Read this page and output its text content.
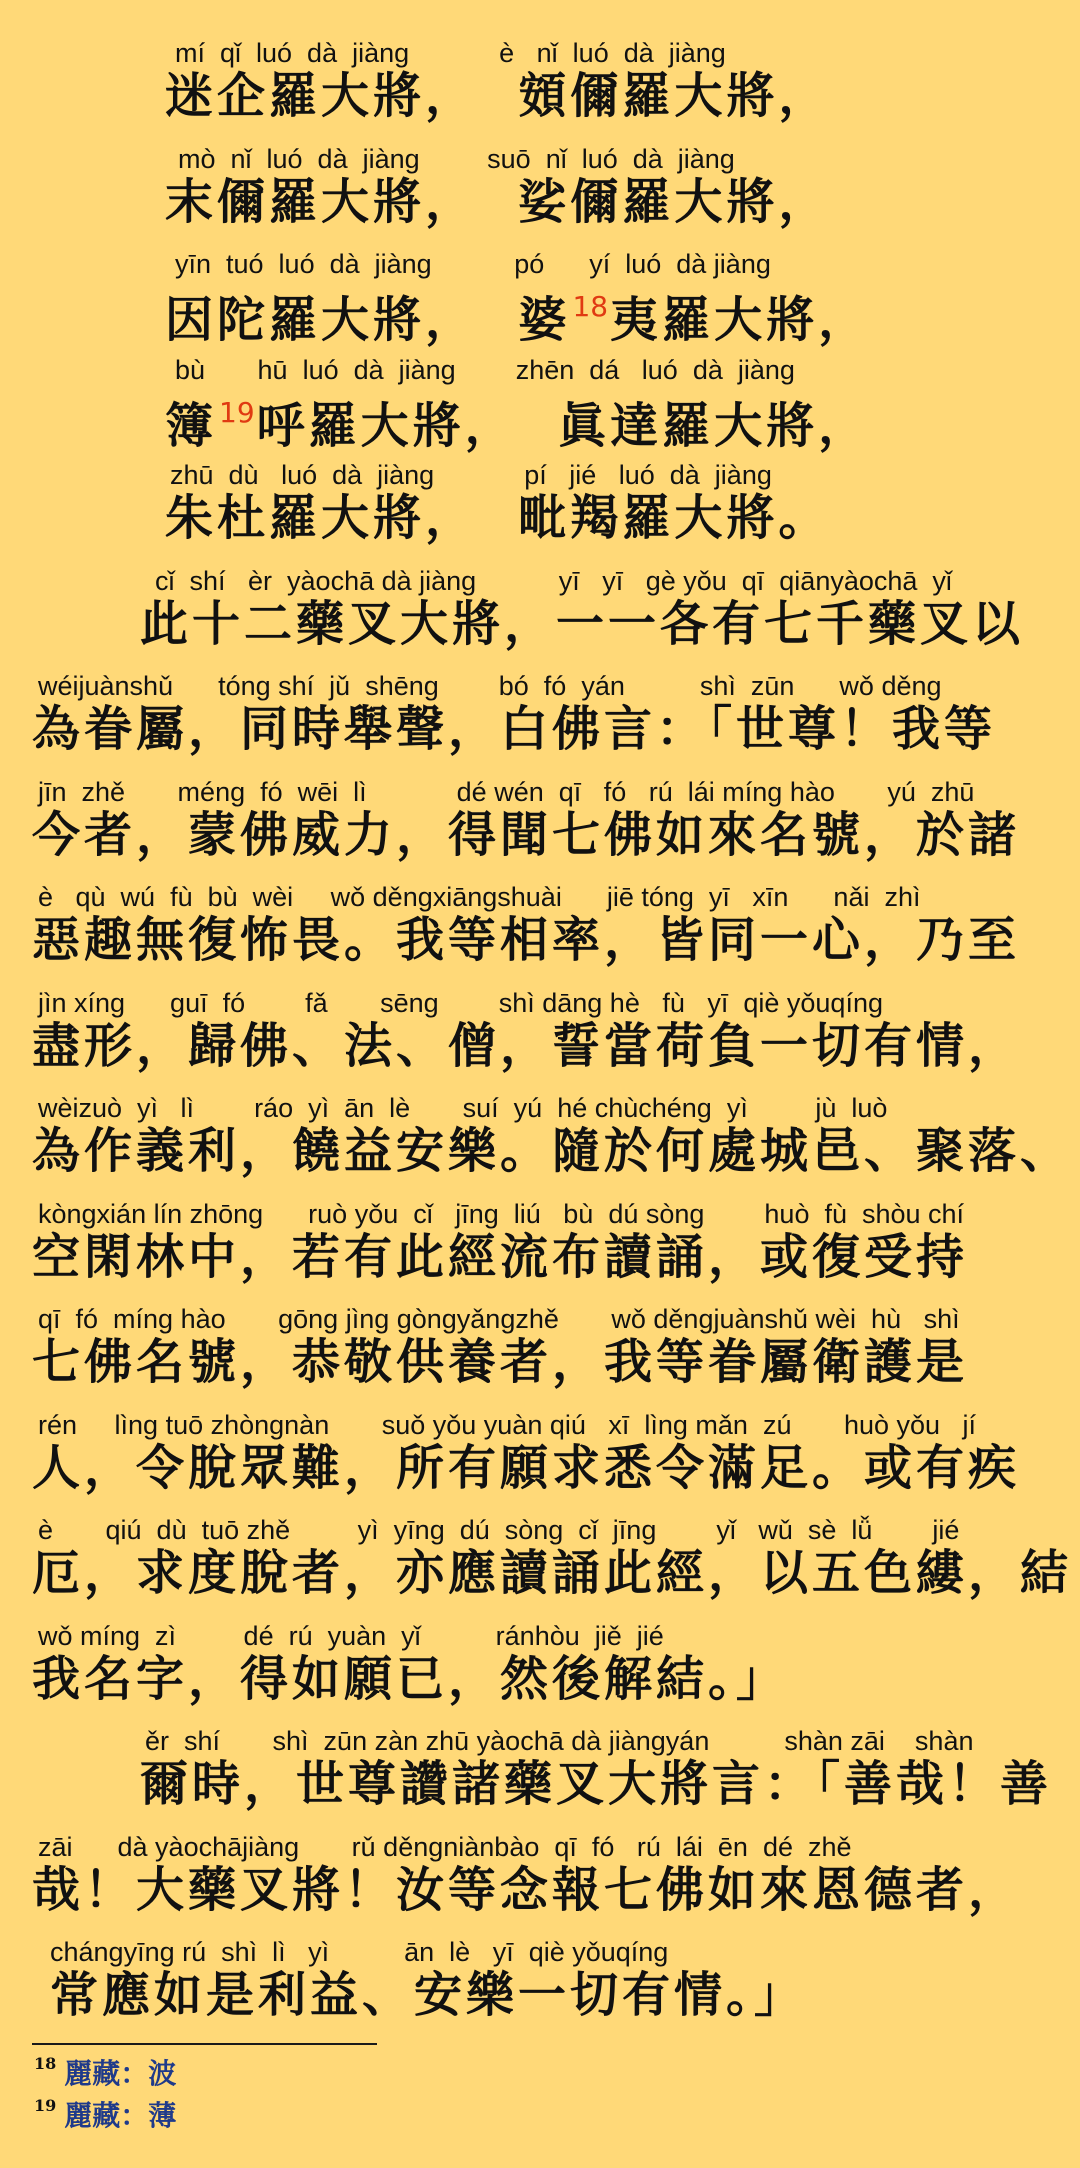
mí  qǐ  luó  dà  jiàng            è   nǐ  luó  dà  jiàng
迷企羅大將，  頞儞羅大將，
mò  nǐ  luó  dà  jiàng         suō  nǐ  luó  dà  jiàng
末儞羅大將，  娑儞羅大將，
yīn  tuó  luó  dà  jiàng           pó      yí  luó  dà jiàng
因陀羅大將，  婆$^{18}$夷羅大將，
bù       hū  luó  dà  jiàng        zhēn  dá   luó  dà  jiàng
簿$^{19}$呼羅大將，  眞達羅大將，
zhū  dù   luó  dà  jiàng            pí   jié   luó  dà  jiàng
朱杜羅大將，  毗羯羅大將。
cǐ  shí   èr  yàochā dà jiàng           yī   yī   gè yǒu  qī  qiānyàochā  yǐ
此十二藥叉大將，一一各有七千藥叉以
wéijuànshǔ      tóng shí  jǔ  shēng        bó  fó  yán          shì  zūn      wǒ děng
為眷屬，同時舉聲，白佛言：「世尊！我等
jīn  zhě       méng  fó  wēi  lì            dé wén  qī   fó   rú  lái míng hào       yú  zhū
今者，蒙佛威力，得聞七佛如來名號，於諸
è   qù  wú  fù  bù  wèi     wǒ děngxiāngshuài      jiē tóng  yī   xīn      nǎi  zhì
惡趣無復怖畏。我等相率，皆同一心，乃至
jìn xíng      guī  fó        fǎ       sēng        shì dāng hè   fù   yī  qiè yǒuqíng
盡形，歸佛、法、僧，誓當荷負一切有情，
wèizuò  yì   lì        ráo  yì  ān  lè       suí  yú  hé chùchéng  yì         jù  luò
為作義利，饒益安樂。隨於何處城邑、聚落、
kòngxián lín zhōng      ruò yǒu  cǐ   jīng  liú   bù  dú sòng        huò  fù  shòu chí
空閑林中，若有此經流布讀誦，或復受持
qī  fó  míng hào       gōng jìng gòngyǎngzhě       wǒ děngjuànshǔ wèi  hù   shì
七佛名號，恭敬供養者，我等眷屬衛護是
rén     lìng tuō zhòngnàn       suǒ yǒu yuàn qiú   xī  lìng mǎn  zú       huò yǒu   jí
人，令脫眾難，所有願求悉令滿足。或有疾
è       qiú  dù  tuō zhě         yì  yīng  dú  sòng  cǐ  jīng        yǐ   wǔ  sè  lǚ        jié
厄，求度脫者，亦應讀誦此經，以五色縷，結
wǒ míng  zì         dé  rú  yuàn  yǐ          ránhòu  jiě  jié
我名字，得如願已，然後解結。」
ěr  shí       shì  zūn zàn zhū yàochā dà jiàngyán          shàn zāi    shàn
爾時，世尊讚諸藥叉大將言：「善哉！善
zāi      dà yàochājiàng       rǔ děngniànbào  qī  fó   rú  lái  ēn  dé  zhě
哉！大藥叉將！汝等念報七佛如來恩德者，
chángyīng rú  shì  lì   yì          ān  lè   yī  qiè yǒuqíng
常應如是利益、安樂一切有情。」
$^{18}$ 麗藏：波
$^{19}$ 麗藏：薄
